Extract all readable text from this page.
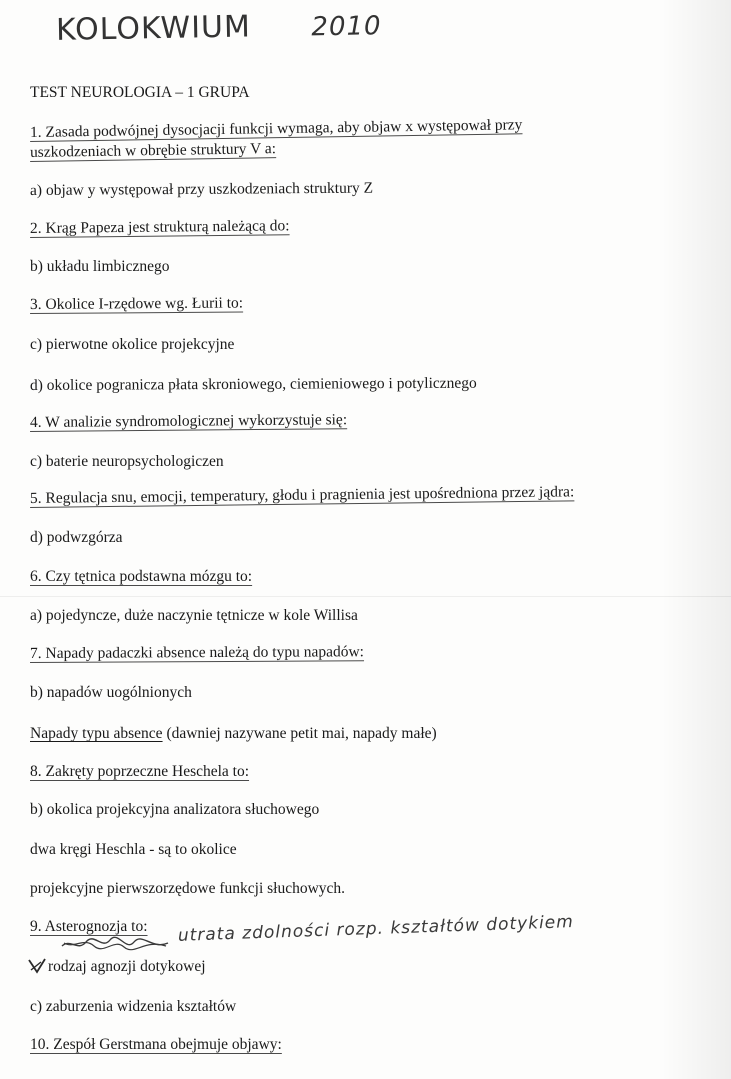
KOLOKWIUM 2010
TEST NEUROLOGIA – 1 GRUPA
1. Zasada podwójnej dysocjacji funkcji wymaga, aby objaw x występował przy
uszkodzeniach w obrębie struktury V a:
a) objaw y występował przy uszkodzeniach struktury Z
2. Krąg Papeza jest strukturą należącą do:
b) układu limbicznego
3. Okolice I-rzędowe wg. Łurii to:
c) pierwotne okolice projekcyjne
d) okolice pogranicza płata skroniowego, ciemieniowego i potylicznego
4. W analizie syndromologicznej wykorzystuje się:
c) baterie neuropsychologiczen
5. Regulacja snu, emocji, temperatury, głodu i pragnienia jest upośredniona przez jądra:
d) podwzgórza
6. Czy tętnica podstawna mózgu to:
a) pojedyncze, duże naczynie tętnicze w kole Willisa
7. Napady padaczki absence należą do typu napadów:
b) napadów uogólnionych
Napady typu absence (dawniej nazywane petit mai, napady małe)
8. Zakręty poprzeczne Heschela to:
b) okolica projekcyjna analizatora słuchowego
dwa kręgi Heschla - są to okolice
projekcyjne pierwszorzędowe funkcji słuchowych.
9. Asterognozja to:	utrata zdolności rozp. kształtów dotykiem
rodzaj agnozji dotykowej
c) zaburzenia widzenia kształtów
10. Zespół Gerstmana obejmuje objawy:
